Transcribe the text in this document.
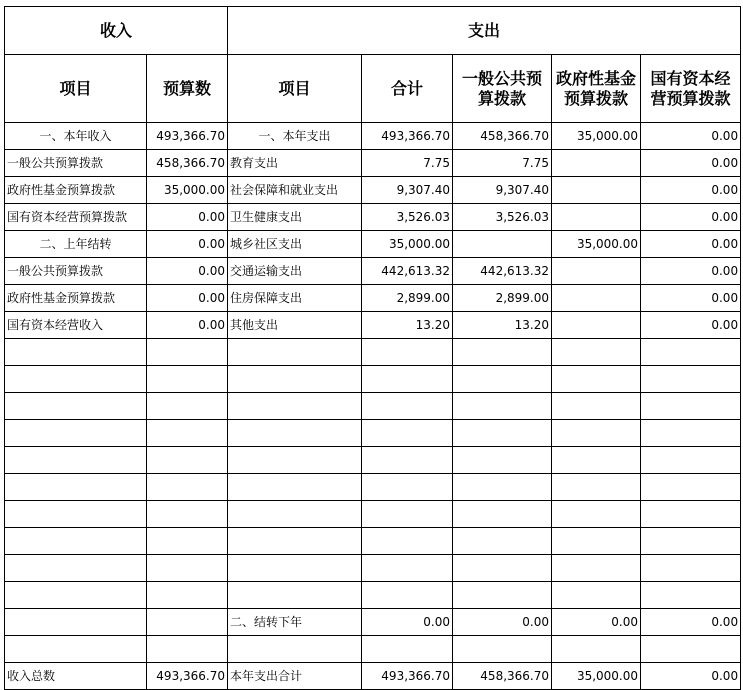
收入		支出				
项目	预算数	项目	合计	一般公共预算拨款	政府性基金预算拨款	国有资本经营预算拨款
一、本年收入	493,366.70	一、本年支出	493,366.70	458,366.70	35,000.00	0.00
一般公共预算拨款	458,366.70	教育支出	7.75	7.75		0.00
政府性基金预算拨款	35,000.00	社会保障和就业支出	9,307.40	9,307.40		0.00
国有资本经营预算拨款	0.00	卫生健康支出	3,526.03	3,526.03		0.00
二、上年结转	0.00	城乡社区支出	35,000.00		35,000.00	0.00
一般公共预算拨款	0.00	交通运输支出	442,613.32	442,613.32		0.00
政府性基金预算拨款	0.00	住房保障支出	2,899.00	2,899.00		0.00
国有资本经营收入	0.00	其他支出	13.20	13.20		0.00

		二、结转下年	0.00	0.00	0.00	0.00

收入总数	493,366.70	本年支出合计	493,366.70	458,366.70	35,000.00	0.00
